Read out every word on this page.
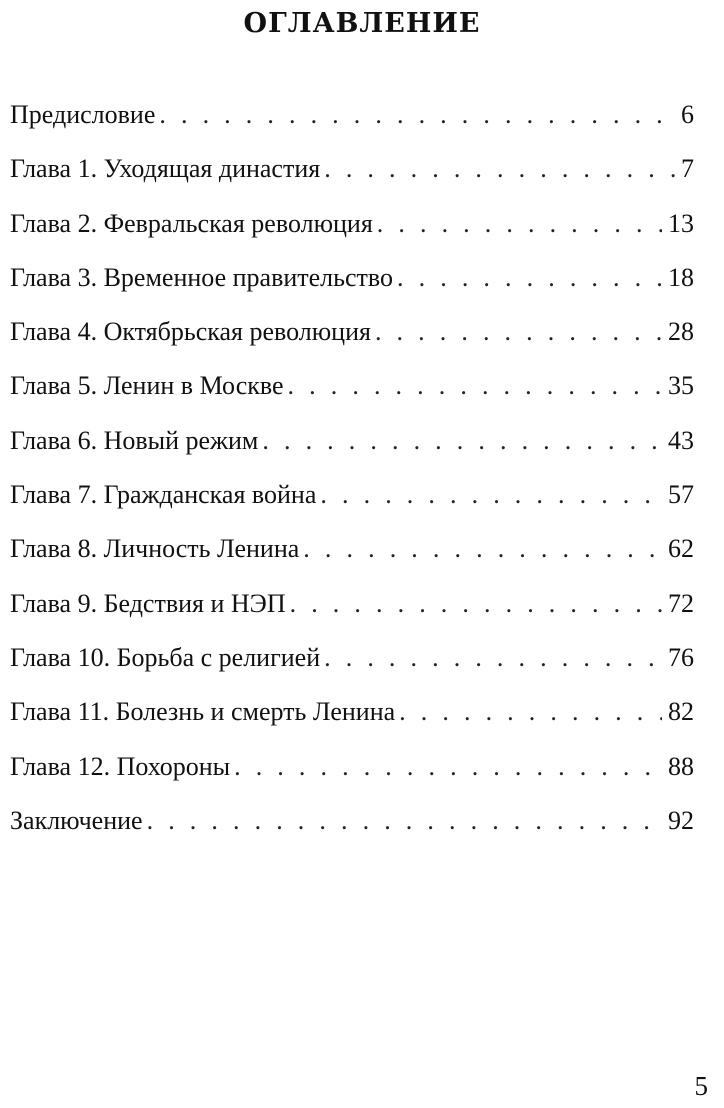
ОГЛАВЛЕНИЕ
Предисловие . . .	6
Глава 1. Уходящая династия . . .	7
Глава 2. Февральская революция . . .	13
Глава 3. Временное правительство . . .	18
Глава 4. Октябрьская революция . . .	28
Глава 5. Ленин в Москве . . .	35
Глава 6. Новый режим . . .	43
Глава 7. Гражданская война . . .	57
Глава 8. Личность Ленина . . .	62
Глава 9. Бедствия и НЭП . . .	72
Глава 10. Борьба с религией . . .	76
Глава 11. Болезнь и смерть Ленина . . .	82
Глава 12. Похороны . . .	88
Заключение . . .	92
5
